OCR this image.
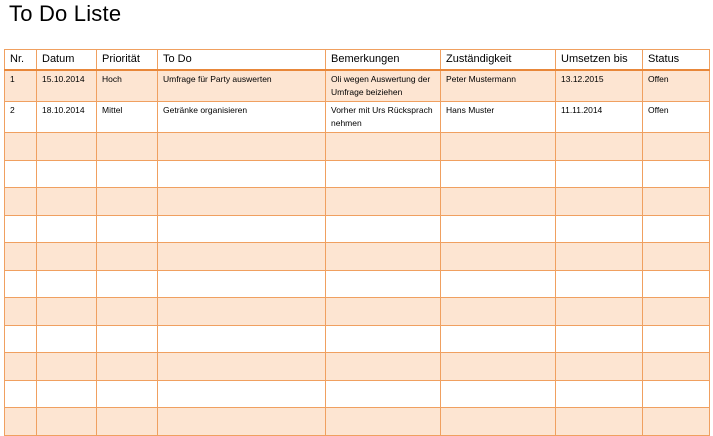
To Do Liste
Nr.	Datum	Priorität	To Do	Bemerkungen	Zuständigkeit	Umsetzen bis	Status
1	15.10.2014	Hoch	Umfrage für Party auswerten	Oli wegen Auswertung der Umfrage beiziehen	Peter Mustermann	13.12.2015	Offen
2	18.10.2014	Mittel	Getränke organisieren	Vorher mit Urs Rücksprach nehmen	Hans Muster	11.11.2014	Offen
